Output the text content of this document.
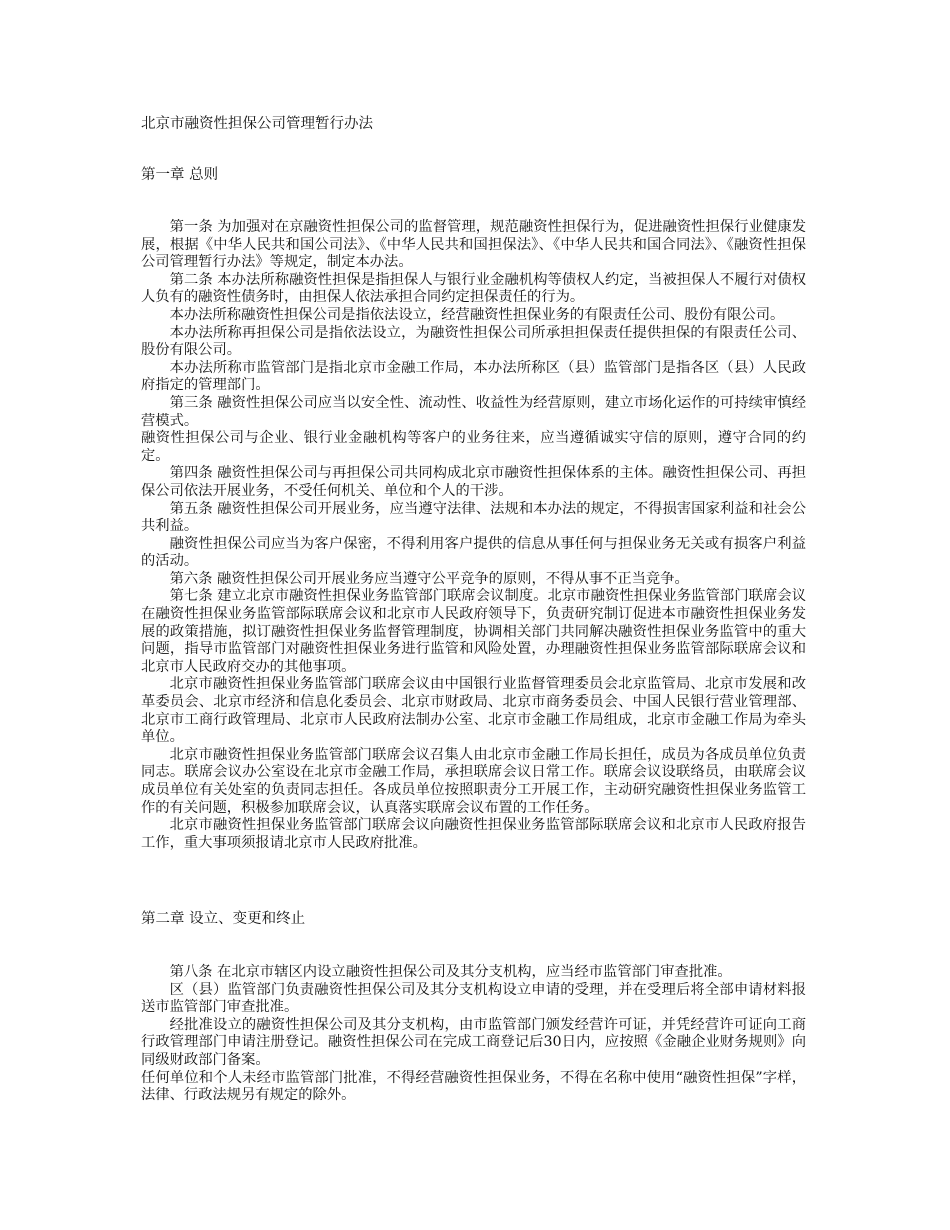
北京市融资性担保公司管理暂行办法
第一章 总则

第一条 为加强对在京融资性担保公司的监督管理，规范融资性担保行为，促进融资性担保行业健康发展，根据《中华人民共和国公司法》、《中华人民共和国担保法》、《中华人民共和国合同法》、《融资性担保公司管理暂行办法》等规定，制定本办法。

第二条 本办法所称融资性担保是指担保人与银行业金融机构等债权人约定，当被担保人不履行对债权人负有的融资性债务时，由担保人依法承担合同约定担保责任的行为。

本办法所称融资性担保公司是指依法设立，经营融资性担保业务的有限责任公司、股份有限公司。

本办法所称再担保公司是指依法设立，为融资性担保公司所承担担保责任提供担保的有限责任公司、股份有限公司。

本办法所称市监管部门是指北京市金融工作局，本办法所称区（县）监管部门是指各区（县）人民政府指定的管理部门。

第三条 融资性担保公司应当以安全性、流动性、收益性为经营原则，建立市场化运作的可持续审慎经营模式。

融资性担保公司与企业、银行业金融机构等客户的业务往来，应当遵循诚实守信的原则，遵守合同的约定。

第四条 融资性担保公司与再担保公司共同构成北京市融资性担保体系的主体。融资性担保公司、再担保公司依法开展业务，不受任何机关、单位和个人的干涉。

第五条 融资性担保公司开展业务，应当遵守法律、法规和本办法的规定，不得损害国家利益和社会公共利益。

融资性担保公司应当为客户保密，不得利用客户提供的信息从事任何与担保业务无关或有损客户利益的活动。

第六条 融资性担保公司开展业务应当遵守公平竞争的原则，不得从事不正当竞争。

第七条 建立北京市融资性担保业务监管部门联席会议制度。北京市融资性担保业务监管部门联席会议在融资性担保业务监管部际联席会议和北京市人民政府领导下，负责研究制订促进本市融资性担保业务发展的政策措施，拟订融资性担保业务监督管理制度，协调相关部门共同解决融资性担保业务监管中的重大问题，指导市监管部门对融资性担保业务进行监管和风险处置，办理融资性担保业务监管部际联席会议和北京市人民政府交办的其他事项。

北京市融资性担保业务监管部门联席会议由中国银行业监督管理委员会北京监管局、北京市发展和改革委员会、北京市经济和信息化委员会、北京市财政局、北京市商务委员会、中国人民银行营业管理部、北京市工商行政管理局、北京市人民政府法制办公室、北京市金融工作局组成，北京市金融工作局为牵头单位。

北京市融资性担保业务监管部门联席会议召集人由北京市金融工作局长担任，成员为各成员单位负责同志。联席会议办公室设在北京市金融工作局，承担联席会议日常工作。联席会议设联络员，由联席会议成员单位有关处室的负责同志担任。各成员单位按照职责分工开展工作，主动研究融资性担保业务监管工作的有关问题，积极参加联席会议，认真落实联席会议布置的工作任务。

北京市融资性担保业务监管部门联席会议向融资性担保业务监管部际联席会议和北京市人民政府报告工作，重大事项须报请北京市人民政府批准。

第二章 设立、变更和终止

第八条 在北京市辖区内设立融资性担保公司及其分支机构，应当经市监管部门审查批准。

区（县）监管部门负责融资性担保公司及其分支机构设立申请的受理，并在受理后将全部申请材料报送市监管部门审查批准。

经批准设立的融资性担保公司及其分支机构，由市监管部门颁发经营许可证，并凭经营许可证向工商行政管理部门申请注册登记。融资性担保公司在完成工商登记后30日内，应按照《金融企业财务规则》向同级财政部门备案。

任何单位和个人未经市监管部门批准，不得经营融资性担保业务，不得在名称中使用“融资性担保”字样，法律、行政法规另有规定的除外。
